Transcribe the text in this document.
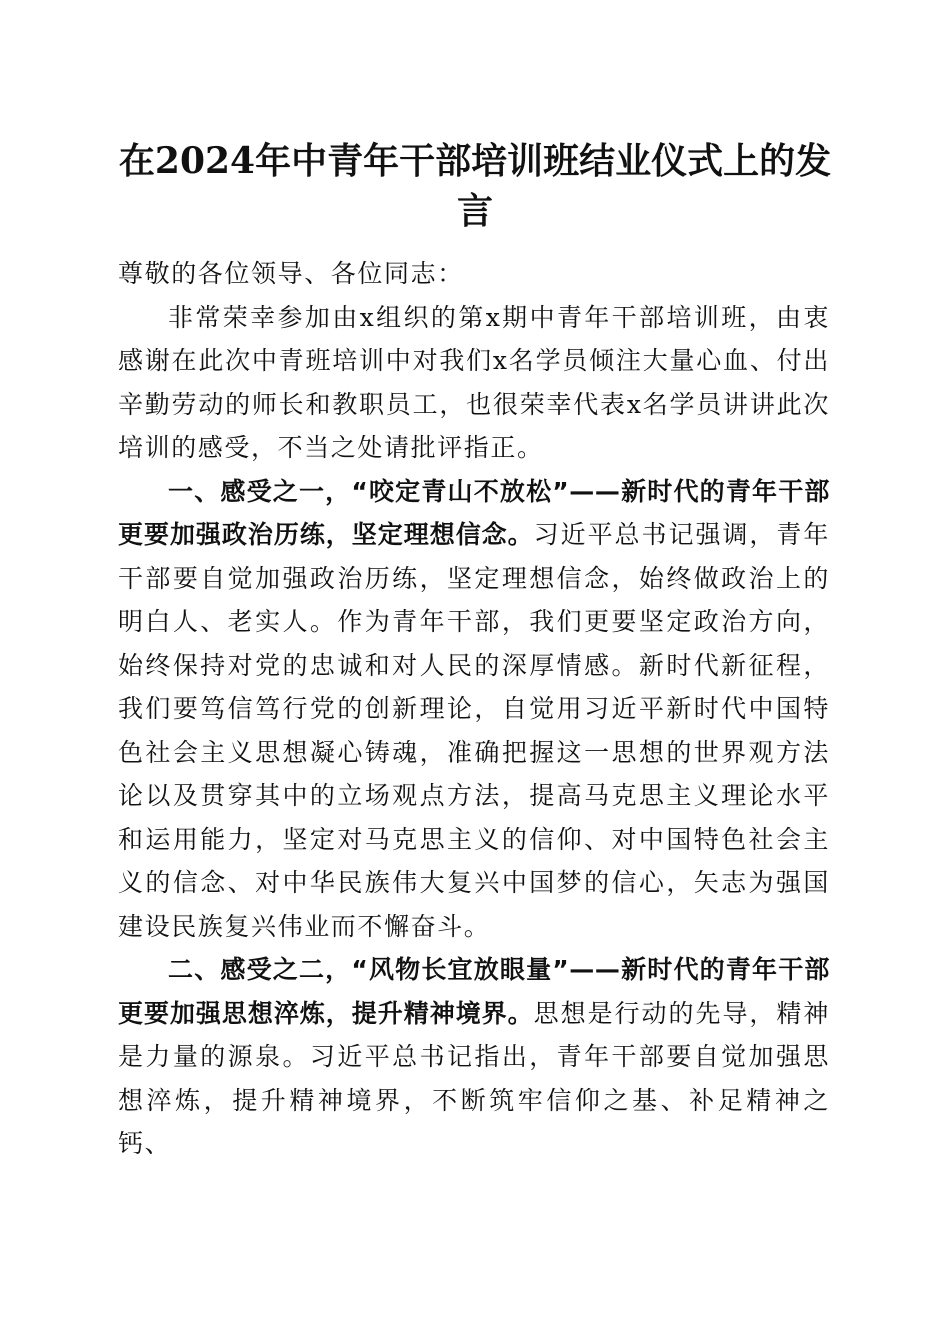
在2024年中青年干部培训班结业仪式上的发言

尊敬的各位领导、各位同志：

非常荣幸参加由x组织的第x期中青年干部培训班，由衷感谢在此次中青班培训中对我们x名学员倾注大量心血、付出辛勤劳动的师长和教职员工，也很荣幸代表x名学员讲讲此次培训的感受，不当之处请批评指正。

一、感受之一，“咬定青山不放松”——新时代的青年干部更要加强政治历练，坚定理想信念。习近平总书记强调，青年干部要自觉加强政治历练，坚定理想信念，始终做政治上的明白人、老实人。作为青年干部，我们更要坚定政治方向，始终保持对党的忠诚和对人民的深厚情感。新时代新征程，我们要笃信笃行党的创新理论，自觉用习近平新时代中国特色社会主义思想凝心铸魂，准确把握这一思想的世界观方法论以及贯穿其中的立场观点方法，提高马克思主义理论水平和运用能力，坚定对马克思主义的信仰、对中国特色社会主义的信念、对中华民族伟大复兴中国梦的信心，矢志为强国建设民族复兴伟业而不懈奋斗。

二、感受之二，“风物长宜放眼量”——新时代的青年干部更要加强思想淬炼，提升精神境界。思想是行动的先导，精神是力量的源泉。习近平总书记指出，青年干部要自觉加强思想淬炼，提升精神境界，不断筑牢信仰之基、补足精神之钙、
